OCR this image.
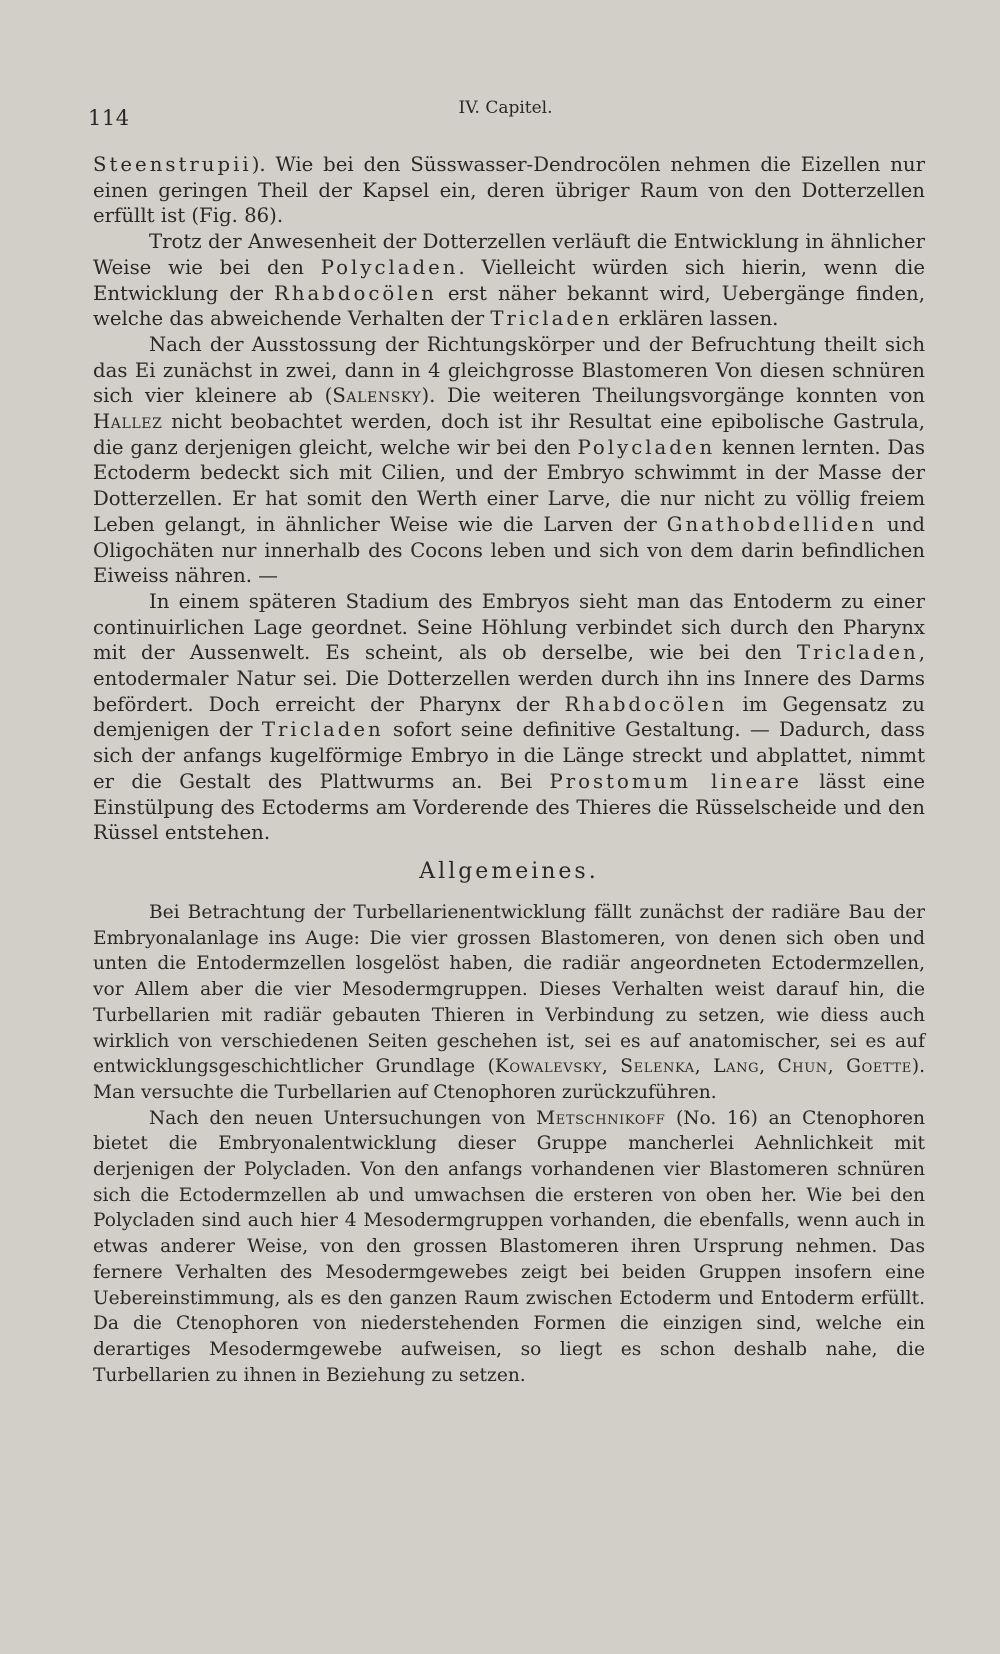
114	IV. Capitel.

Steenstrupii). Wie bei den Süsswasser-Dendrocölen nehmen die Eizellen nur einen geringen Theil der Kapsel ein, deren übriger Raum von den Dotterzellen erfüllt ist (Fig. 86).

Trotz der Anwesenheit der Dotterzellen verläuft die Entwicklung in ähnlicher Weise wie bei den Polycladen. Vielleicht würden sich hierin, wenn die Entwicklung der Rhabdocölen erst näher bekannt wird, Uebergänge finden, welche das abweichende Verhalten der Tricladen erklären lassen.

Nach der Ausstossung der Richtungskörper und der Befruchtung theilt sich das Ei zunächst in zwei, dann in 4 gleichgrosse Blastomeren Von diesen schnüren sich vier kleinere ab (Salensky). Die weiteren Theilungsvorgänge konnten von Hallez nicht beobachtet werden, doch ist ihr Resultat eine epibolische Gastrula, die ganz derjenigen gleicht, welche wir bei den Polycladen kennen lernten. Das Ectoderm bedeckt sich mit Cilien, und der Embryo schwimmt in der Masse der Dotterzellen. Er hat somit den Werth einer Larve, die nur nicht zu völlig freiem Leben gelangt, in ähnlicher Weise wie die Larven der Gnathobdelliden und Oligochäten nur innerhalb des Cocons leben und sich von dem darin befindlichen Eiweiss nähren. —

In einem späteren Stadium des Embryos sieht man das Entoderm zu einer continuirlichen Lage geordnet. Seine Höhlung verbindet sich durch den Pharynx mit der Aussenwelt. Es scheint, als ob derselbe, wie bei den Tricladen, entodermaler Natur sei. Die Dotterzellen werden durch ihn ins Innere des Darms befördert. Doch erreicht der Pharynx der Rhabdocölen im Gegensatz zu demjenigen der Tricladen sofort seine definitive Gestaltung. — Dadurch, dass sich der anfangs kugelförmige Embryo in die Länge streckt und abplattet, nimmt er die Gestalt des Plattwurms an. Bei Prostomum lineare lässt eine Einstülpung des Ectoderms am Vorderende des Thieres die Rüsselscheide und den Rüssel entstehen.

Allgemeines.

Bei Betrachtung der Turbellarienentwicklung fällt zunächst der radiäre Bau der Embryonalanlage ins Auge: Die vier grossen Blastomeren, von denen sich oben und unten die Entodermzellen losgelöst haben, die radiär angeordneten Ectodermzellen, vor Allem aber die vier Mesodermgruppen. Dieses Verhalten weist darauf hin, die Turbellarien mit radiär gebauten Thieren in Verbindung zu setzen, wie diess auch wirklich von verschiedenen Seiten geschehen ist, sei es auf anatomischer, sei es auf entwicklungsgeschichtlicher Grundlage (Kowalevsky, Selenka, Lang, Chun, Goette). Man versuchte die Turbellarien auf Ctenophoren zurückzuführen.

Nach den neuen Untersuchungen von Metschnikoff (No. 16) an Ctenophoren bietet die Embryonalentwicklung dieser Gruppe mancherlei Aehnlichkeit mit derjenigen der Polycladen. Von den anfangs vorhandenen vier Blastomeren schnüren sich die Ectodermzellen ab und umwachsen die ersteren von oben her. Wie bei den Polycladen sind auch hier 4 Mesodermgruppen vorhanden, die ebenfalls, wenn auch in etwas anderer Weise, von den grossen Blastomeren ihren Ursprung nehmen. Das fernere Verhalten des Mesodermgewebes zeigt bei beiden Gruppen insofern eine Uebereinstimmung, als es den ganzen Raum zwischen Ectoderm und Entoderm erfüllt. Da die Ctenophoren von niederstehenden Formen die einzigen sind, welche ein derartiges Mesodermgewebe aufweisen, so liegt es schon deshalb nahe, die Turbellarien zu ihnen in Beziehung zu setzen.
